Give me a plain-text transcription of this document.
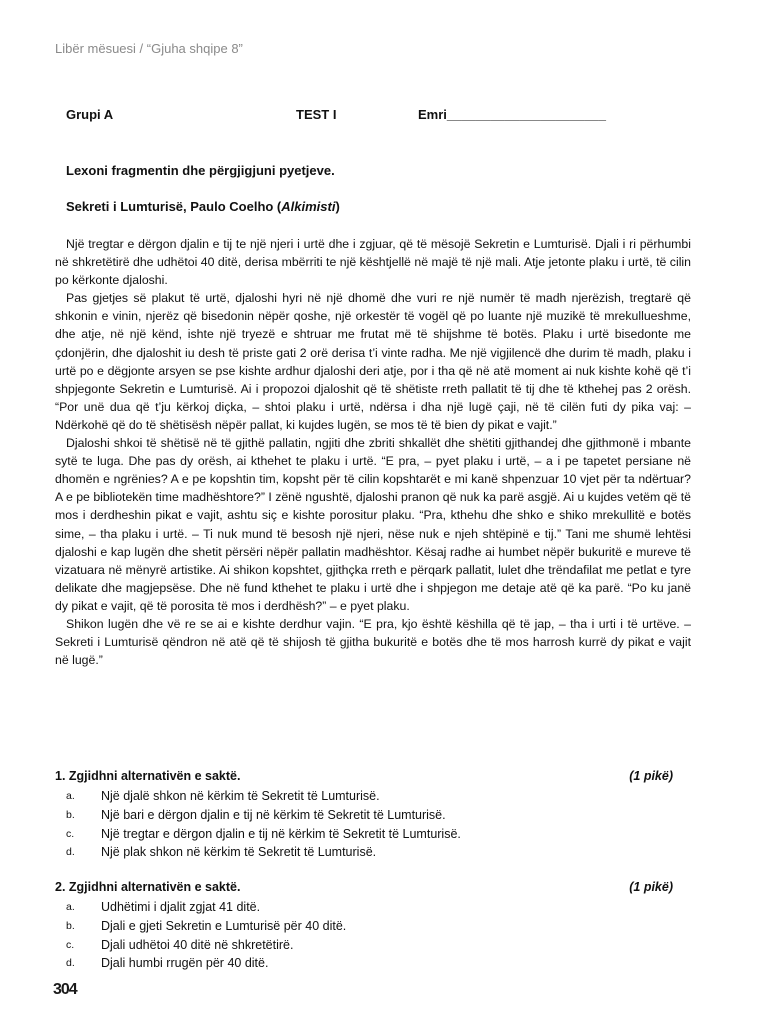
Libër mësuesi / “Gjuha shqipe 8”
Grupi A	TEST I	Emri______________________
Lexoni fragmentin dhe përgjigjuni pyetjeve.
Sekreti i Lumturisë, Paulo Coelho (Alkimisti)

Një tregtar e dërgon djalin e tij te një njeri i urtë dhe i zgjuar, që të mësojë Sekretin e Lumturisë. Djali i ri përhumbi në shkretëtirë dhe udhëtoi 40 ditë, derisa mbërriti te një kështjellë në majë të një mali. Atje jetonte plaku i urtë, të cilin po kërkonte djaloshi.

Pas gjetjes së plakut të urtë, djaloshi hyri në një dhomë dhe vuri re një numër të madh njerëzish, tregtarë që shkonin e vinin, njerëz që bisedonin nëpër qoshe, një orkestër të vogël që po luante një muzikë të mrekullueshme, dhe atje, në një kënd, ishte një tryezë e shtruar me frutat më të shijshme të botës. Plaku i urtë bisedonte me çdonjërin, dhe djaloshit iu desh të priste gati 2 orë derisa t’i vinte radha. Me një vigjilencë dhe durim të madh, plaku i urtë po e dëgjonte arsyen se pse kishte ardhur djaloshi deri atje, por i tha që në atë moment ai nuk kishte kohë që t’i shpjegonte Sekretin e Lumturisë. Ai i propozoi djaloshit që të shëtiste rreth pallatit të tij dhe të kthehej pas 2 orësh. “Por unë dua që t’ju kërkoj diçka, – shtoi plaku i urtë, ndërsa i dha një lugë çaji, në të cilën futi dy pika vaj: – Ndërkohë që do të shëtisësh nëpër pallat, ki kujdes lugën, se mos të të bien dy pikat e vajit.”

Djaloshi shkoi të shëtisë në të gjithë pallatin, ngjiti dhe zbriti shkallët dhe shëtiti gjithandej dhe gjithmonë i mbante sytë te luga. Dhe pas dy orësh, ai kthehet te plaku i urtë. “E pra, – pyet plaku i urtë, – a i pe tapetet persiane në dhomën e ngrënies? A e pe kopshtin tim, kopsht për të cilin kopshtarët e mi kanë shpenzuar 10 vjet për ta ndërtuar? A e pe bibliotekën time madhështore?” I zënë ngushtë, djaloshi pranon që nuk ka parë asgjë. Ai u kujdes vetëm që të mos i derdheshin pikat e vajit, ashtu siç e kishte porositur plaku. “Pra, kthehu dhe shko e shiko mrekullitë e botës sime, – tha plaku i urtë. – Ti nuk mund të besosh një njeri, nëse nuk e njeh shtëpinë e tij.” Tani me shumë lehtësi djaloshi e kap lugën dhe shetit përsëri nëpër pallatin madhështor. Kësaj radhe ai humbet nëpër bukuritë e mureve të vizatuara në mënyrë artistike. Ai shikon kopshtet, gjithçka rreth e përqark pallatit, lulet dhe trëndafilat me petlat e tyre delikate dhe magjepsëse. Dhe në fund kthehet te plaku i urtë dhe i shpjegon me detaje atë që ka parë. “Po ku janë dy pikat e vajit, që të porosita të mos i derdhësh?” – e pyet plaku.

Shikon lugën dhe vë re se ai e kishte derdhur vajin. “E pra, kjo është këshilla që të jap, – tha i urti i të urtëve. – Sekreti i Lumturisë qëndron në atë që të shijosh të gjitha bukuritë e botës dhe të mos harrosh kurrë dy pikat e vajit në lugë.”

1. Zgjidhni alternativën e saktë.	(1 pikë)
a. Një djalë shkon në kërkim të Sekretit të Lumturisë.
b. Një bari e dërgon djalin e tij në kërkim të Sekretit të Lumturisë.
c. Një tregtar e dërgon djalin e tij në kërkim të Sekretit të Lumturisë.
d. Një plak shkon në kërkim të Sekretit të Lumturisë.
2. Zgjidhni alternativën e saktë.	(1 pikë)
a. Udhëtimi i djalit zgjat 41 ditë.
b. Djali e gjeti Sekretin e Lumturisë për 40 ditë.
c. Djali udhëtoi 40 ditë në shkretëtirë.
d. Djali humbi rrugën për 40 ditë.
304
